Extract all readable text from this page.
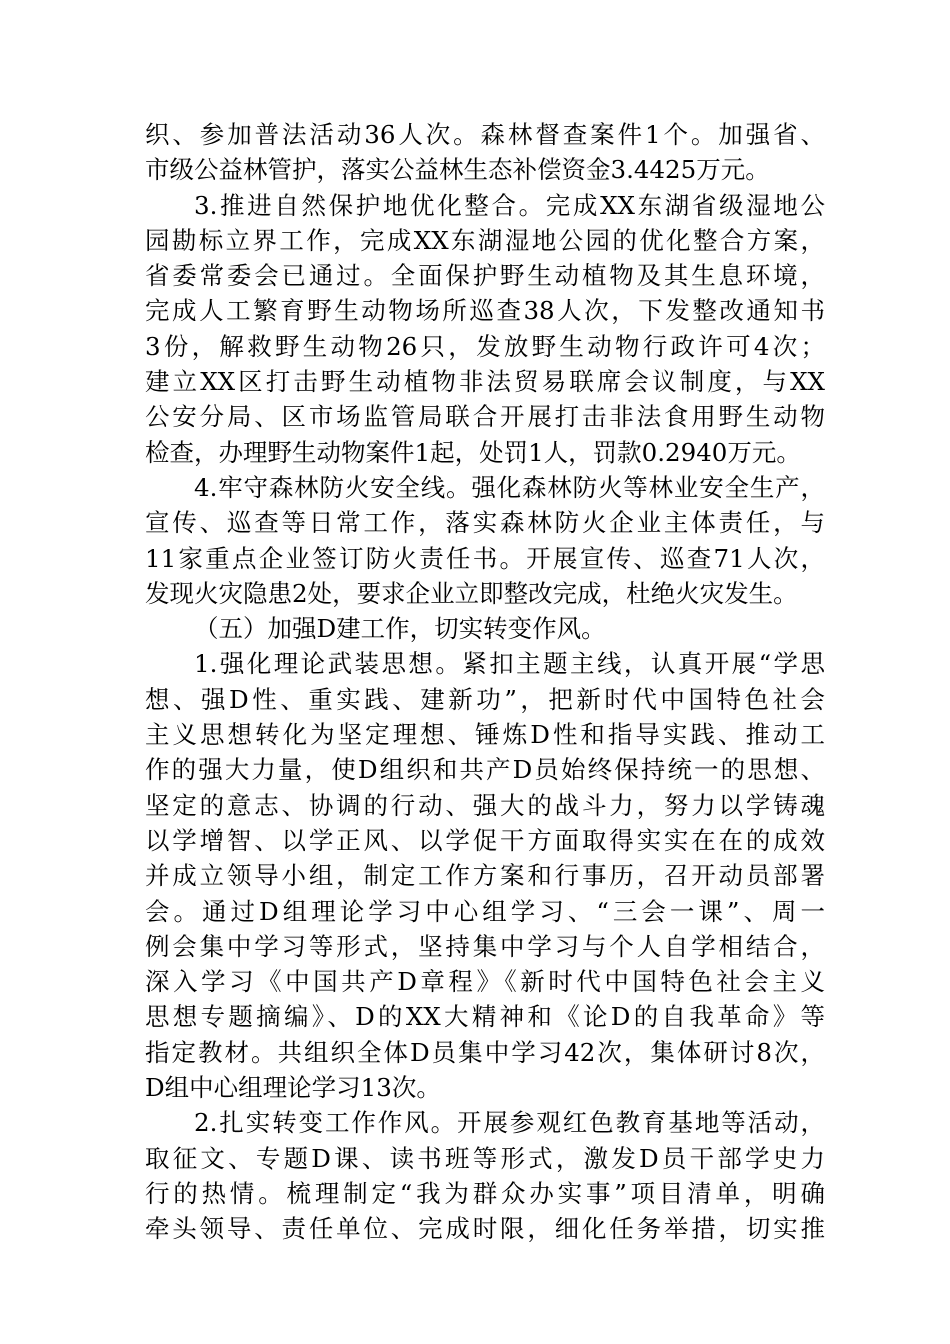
织、参加普法活动36人次。森林督查案件1个。加强省、
市级公益林管护，落实公益林生态补偿资金3.4425万元。
3.推进自然保护地优化整合。完成XX东湖省级湿地公
园勘标立界工作，完成XX东湖湿地公园的优化整合方案，
省委常委会已通过。全面保护野生动植物及其生息环境，
完成人工繁育野生动物场所巡查38人次，下发整改通知书
3份，解救野生动物26只，发放野生动物行政许可4次；
建立XX区打击野生动植物非法贸易联席会议制度，与XX
公安分局、区市场监管局联合开展打击非法食用野生动物
检查，办理野生动物案件1起，处罚1人，罚款0.2940万元。
4.牢守森林防火安全线。强化森林防火等林业安全生产，
宣传、巡查等日常工作，落实森林防火企业主体责任，与
11家重点企业签订防火责任书。开展宣传、巡查71人次，
发现火灾隐患2处，要求企业立即整改完成，杜绝火灾发生。
（五）加强D建工作，切实转变作风。
1.强化理论武装思想。紧扣主题主线，认真开展“学思
想、强D性、重实践、建新功”，把新时代中国特色社会
主义思想转化为坚定理想、锤炼D性和指导实践、推动工
作的强大力量，使D组织和共产D员始终保持统一的思想、
坚定的意志、协调的行动、强大的战斗力，努力以学铸魂
以学增智、以学正风、以学促干方面取得实实在在的成效
并成立领导小组，制定工作方案和行事历，召开动员部署
会。通过D组理论学习中心组学习、“三会一课”、周一
例会集中学习等形式，坚持集中学习与个人自学相结合，
深入学习《中国共产D章程》《新时代中国特色社会主义
思想专题摘编》、D的XX大精神和《论D的自我革命》等
指定教材。共组织全体D员集中学习42次，集体研讨8次，
D组中心组理论学习13次。
2.扎实转变工作作风。开展参观红色教育基地等活动，
取征文、专题D课、读书班等形式，激发D员干部学史力
行的热情。梳理制定“我为群众办实事”项目清单，明确
牵头领导、责任单位、完成时限，细化任务举措，切实推
